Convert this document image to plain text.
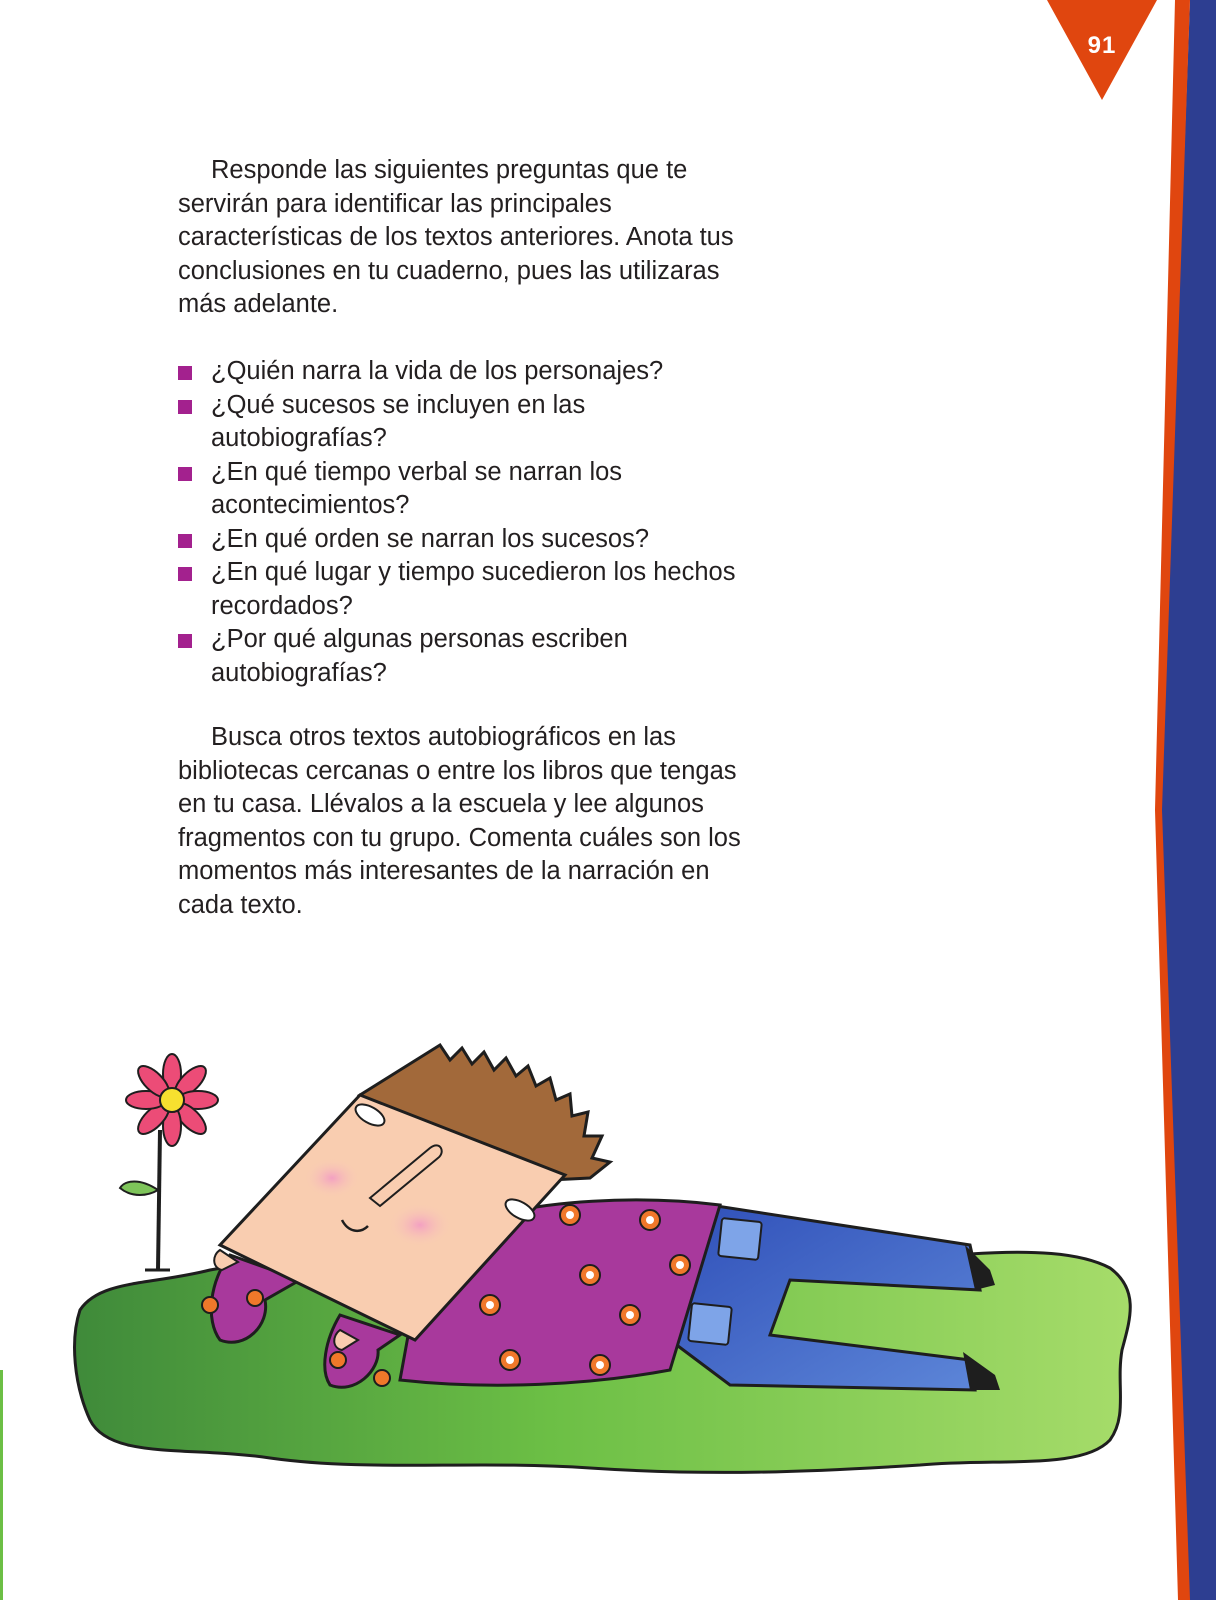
91

Responde las siguientes preguntas que te servirán para identificar las principales características de los textos anteriores. Anota tus conclusiones en tu cuaderno, pues las utilizaras más adelante.

¿Quién narra la vida de los personajes?
¿Qué sucesos se incluyen en las autobiografías?
¿En qué tiempo verbal se narran los acontecimientos?
¿En qué orden se narran los sucesos?
¿En qué lugar y tiempo sucedieron los hechos recordados?
¿Por qué algunas personas escriben autobiografías?

Busca otros textos autobiográficos en las bibliotecas cercanas o entre los libros que tengas en tu casa. Llévalos a la escuela y lee algunos fragmentos con tu grupo. Comenta cuáles son los momentos más interesantes de la narración en cada texto.
